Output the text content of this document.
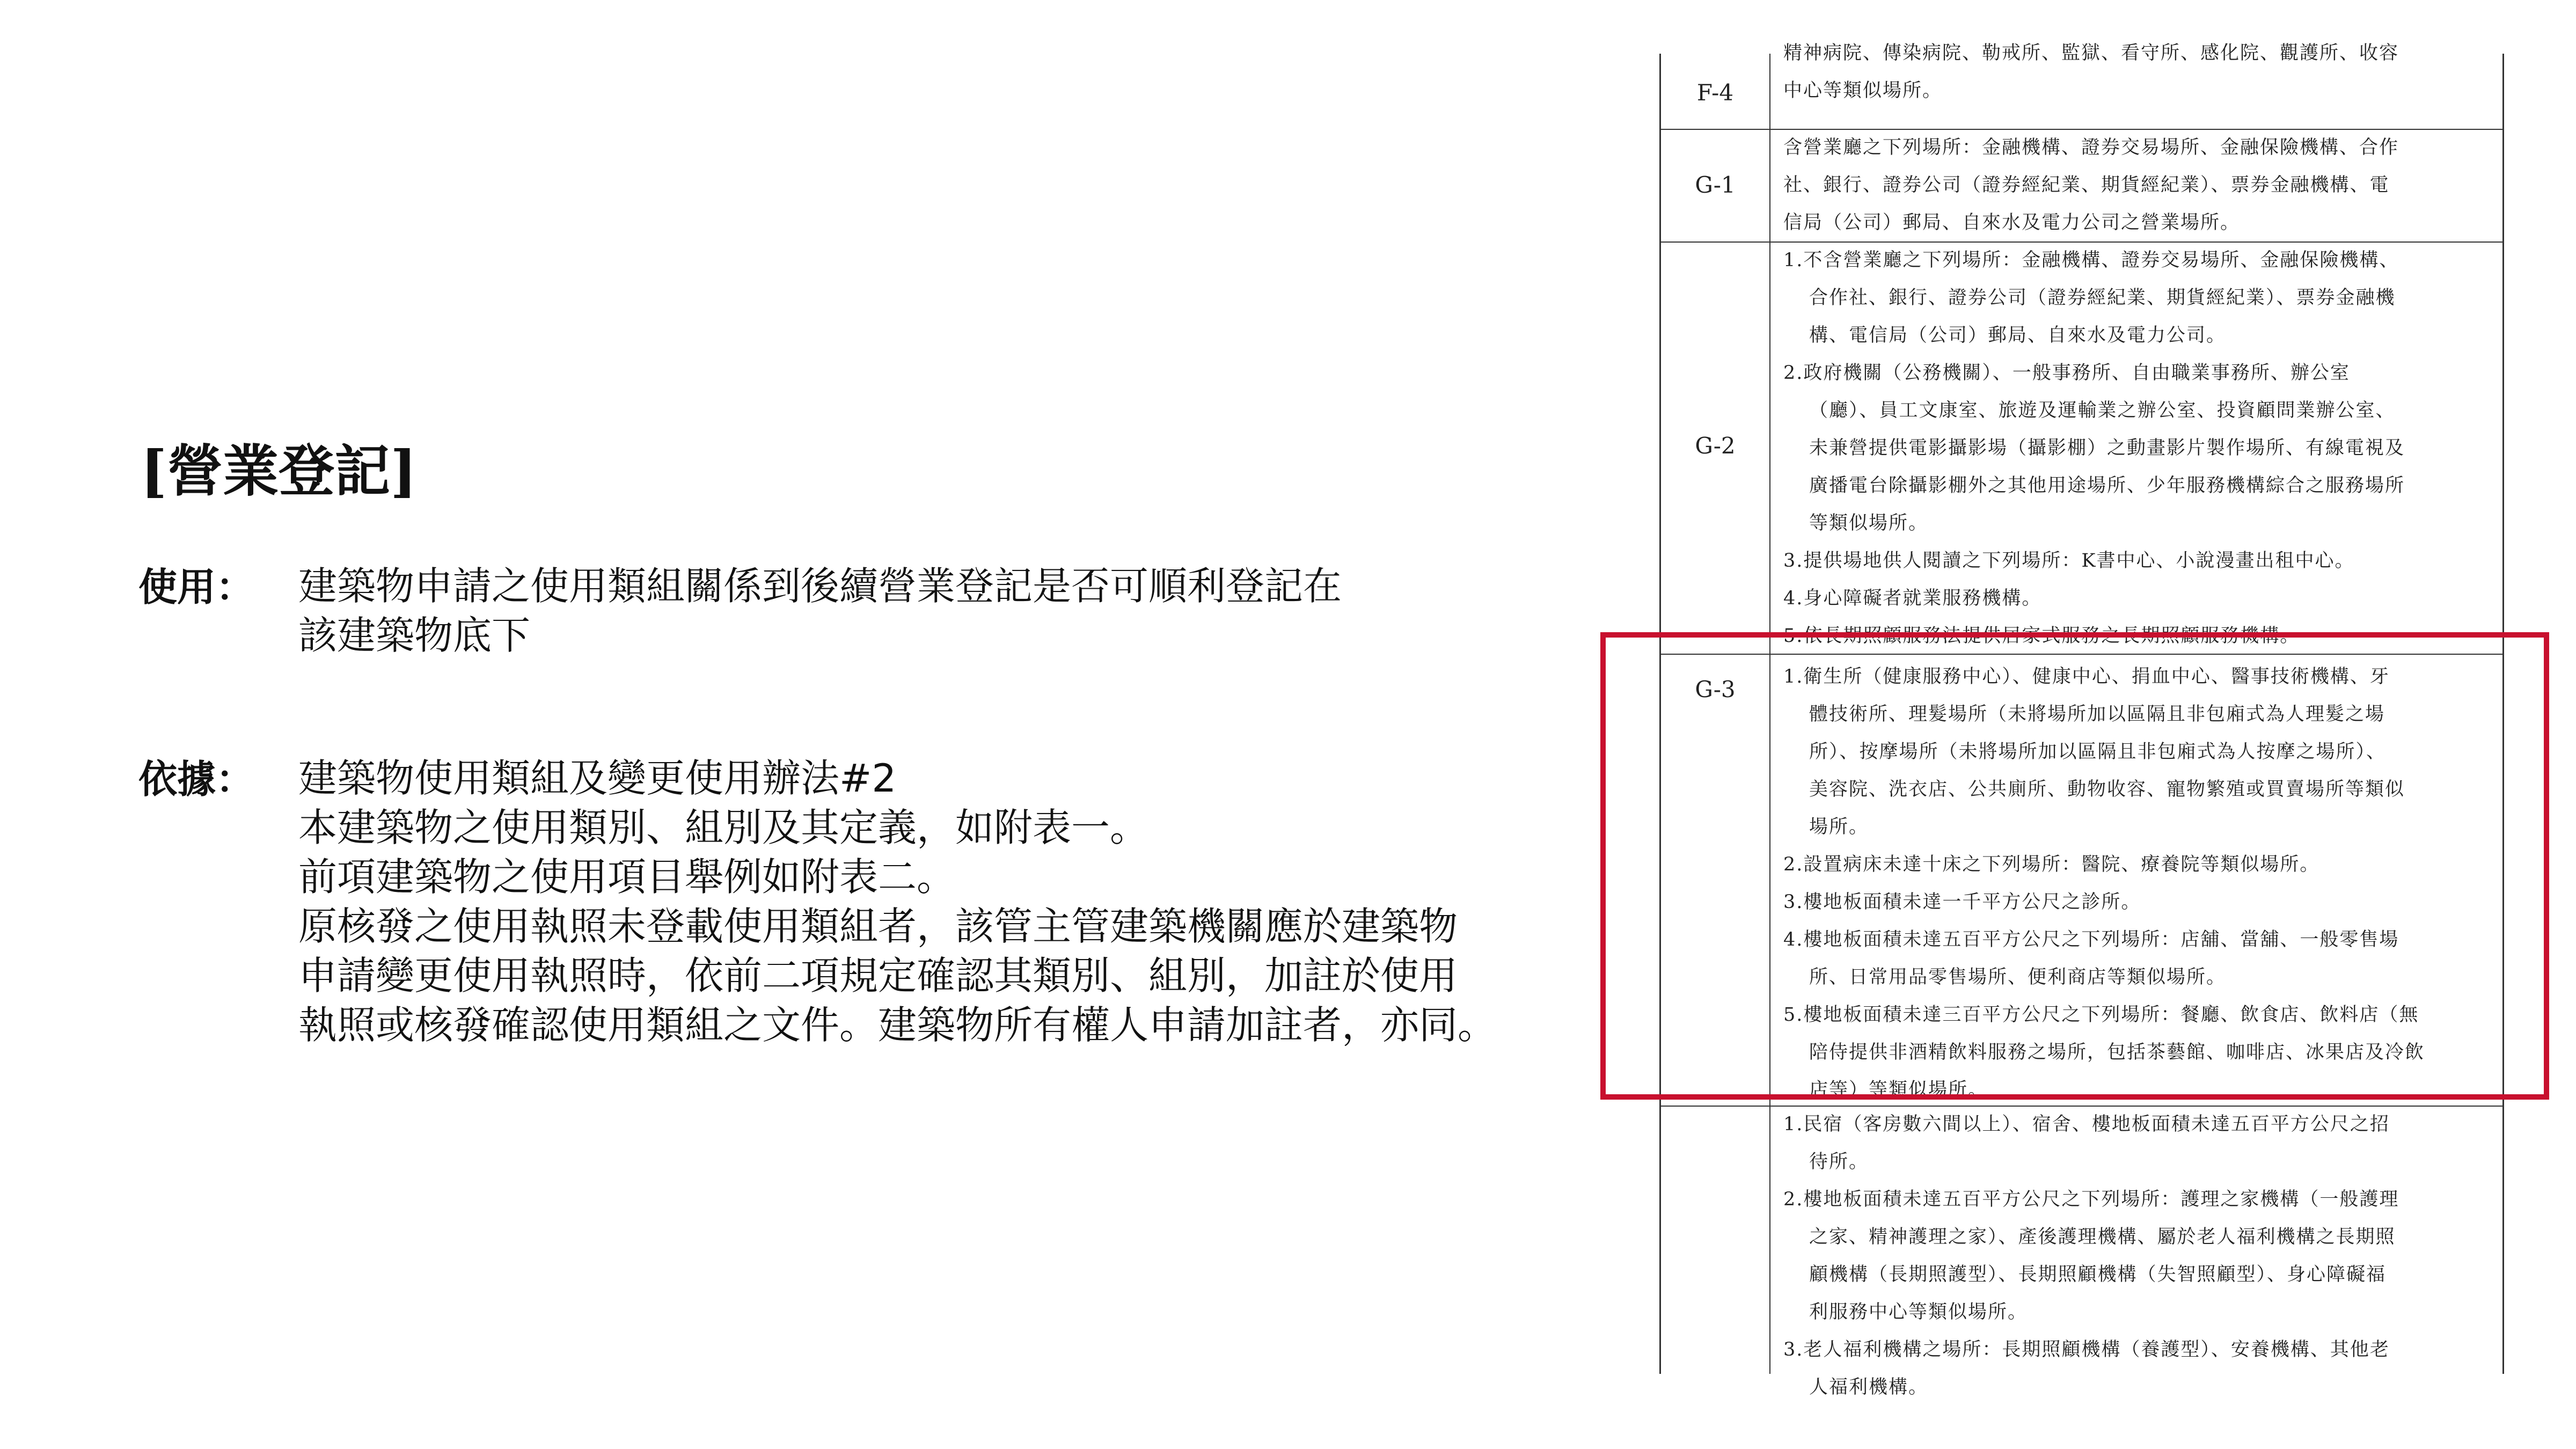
[營業登記]
使用： 建築物申請之使用類組關係到後續營業登記是否可順利登記在
該建築物底下
依據： 建築物使用類組及變更使用辦法#2
本建築物之使用類別、組別及其定義，如附表一。
前項建築物之使用項目舉例如附表二。
原核發之使用執照未登載使用類組者，該管主管建築機關應於建築物
申請變更使用執照時，依前二項規定確認其類別、組別，加註於使用
執照或核發確認使用類組之文件。建築物所有權人申請加註者，亦同。
F-4
精神病院、傳染病院、勒戒所、監獄、看守所、感化院、觀護所、收容
中心等類似場所。
G-1
含營業廳之下列場所：金融機構、證券交易場所、金融保險機構、合作
社、銀行、證券公司（證券經紀業、期貨經紀業）、票券金融機構、電
信局（公司）郵局、自來水及電力公司之營業場所。
G-2
1.不含營業廳之下列場所：金融機構、證券交易場所、金融保險機構、
合作社、銀行、證券公司（證券經紀業、期貨經紀業）、票券金融機
構、電信局（公司）郵局、自來水及電力公司。
2.政府機關（公務機關）、一般事務所、自由職業事務所、辦公室
（廳）、員工文康室、旅遊及運輸業之辦公室、投資顧問業辦公室、
未兼營提供電影攝影場（攝影棚）之動畫影片製作場所、有線電視及
廣播電台除攝影棚外之其他用途場所、少年服務機構綜合之服務場所
等類似場所。
3.提供場地供人閱讀之下列場所：K書中心、小說漫畫出租中心。
4.身心障礙者就業服務機構。
5.依長期照顧服務法提供居家式服務之長期照顧服務機構。
G-3	1.衛生所（健康服務中心）、健康中心、捐血中心、醫事技術機構、牙
體技術所、理髮場所（未將場所加以區隔且非包廂式為人理髮之場
所）、按摩場所（未將場所加以區隔且非包廂式為人按摩之場所）、
美容院、洗衣店、公共廁所、動物收容、寵物繁殖或買賣場所等類似
場所。
2.設置病床未達十床之下列場所：醫院、療養院等類似場所。
3.樓地板面積未達一千平方公尺之診所。
4.樓地板面積未達五百平方公尺之下列場所：店舖、當舖、一般零售場
所、日常用品零售場所、便利商店等類似場所。
5.樓地板面積未達三百平方公尺之下列場所：餐廳、飲食店、飲料店（無
陪侍提供非酒精飲料服務之場所，包括茶藝館、咖啡店、冰果店及冷飲
店等）等類似場所。
1.民宿（客房數六間以上）、宿舍、樓地板面積未達五百平方公尺之招
待所。
2.樓地板面積未達五百平方公尺之下列場所：護理之家機構（一般護理
之家、精神護理之家）、產後護理機構、屬於老人福利機構之長期照
顧機構（長期照護型）、長期照顧機構（失智照顧型）、身心障礙福
利服務中心等類似場所。
3.老人福利機構之場所：長期照顧機構（養護型）、安養機構、其他老
人福利機構。
